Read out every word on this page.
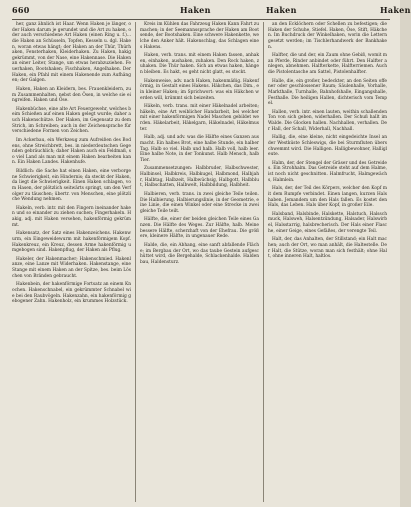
660	Haken	Haken	Haken

her, ganz ähnlich ist Haar. Wenn Haken je länger, oder Haken darum je gerundet und die Art zu haken, oder auch verschiedene Art Haken (einen Ring u. f.)... die Haken an Schüsseln, Topfen, Kesseln u. dgl. Haken, woran etwas hängt; der Haken an der Thür, Thürhaken, Fensterhaken, Kleiderhaken. Zu Haken, hakig gekrümmt, von der Nase, eine Hakennase. Die Haken an einer Leiter, Stange, um etwas herabzuziehen. Feuerhaken, Bootshaken; Fischhaken, Angelhaken. Der Haken, ein Pfahl mit einem Hakenende zum Aufhängen; der Galgen.

Haken, Haken an Kleidern, bes. Frauenkleidern, zum Zusammenhalten, nebst den Ösen, in welche sie eingreifen. Haken und Öse.

Hakenbüchse, eine alte Art Feuergewehr, welches beim Schießen auf einen Haken gelegt wurde; daher auch Hakenschütze. Der Haken, im Gegensatz zu dem Strich, im Schreiben; auch in der Zeichensprache für verschiedene Formen von Zeichen.

Im Ackerbau, ein Werkzeug zum Aufreißen des Bodens, ohne Streichbrett, bes. in niederdeutschen Gegenden gebräuchlich; daher Haken auch ein Feldmaß, so viel Land als man mit einem Haken bearbeiten kann. Ein Haken Landes. Hakenhufe.

Bildlich: die Sache hat einen Haken, eine verborgene Schwierigkeit, ein Hindernis; da steckt der Haken, da liegt die Schwierigkeit. Einen Haken schlagen, vom Hasen, der plötzlich seitwärts springt, um den Verfolger zu täuschen; übertr. von Menschen, eine plötzliche Wendung nehmen.

Hakeln, verb. intr. mit den Fingern ineinander haken und so einander zu ziehen suchen; Fingerhakeln. Hakig, adj. mit Haken versehen, hakenförmig gekrümmt.

Hakensatz, der Satz eines Hakenzeichens. Hakenwurm, ein Eingeweidewurm mit hakenförmigem Kopf. Hakenkreuz, ein Kreuz, dessen Arme hakenförmig umgebogen sind. Hakenpflug, der Haken als Pflug.

Hakeler, der Hakenmacher; Hakenschmied. Hakenlanze, eine Lanze mit Widerhaken. Hakenstange, eine Stange mit einem Haken an der Spitze, bes. beim Löschen von Bränden gebraucht.

Hakenbein, der hakenförmige Fortsatz an einem Knochen. Hakenschnabel, ein gekrümmter Schnabel wie bei den Raubvögeln. Hakenzahn, ein hakenförmig gebogener Zahn. Hakenholz, ein krummes Holzstück.

Kreis im Kühlen das Fahrzeug Haken Kann Fahrt zu machen; in der Seemannssprache der Haken am Bootsende, der Bootshaken. Eine schwere Hakenkette, welche den Anker hält. Hakenschlag, das Schlagen eines Hakens.

Haken, verb. trans. mit einem Haken fassen, anhaken, einhaken, aushaken, zuhaken. Den Rock haken, zuhaken. Die Thür haken. Sich an etwas haken, hängen bleiben. Es hakt, es geht nicht glatt, es stockt.

Hakenweise, adv. nach Haken, hakenmäßig. Hakenförmig, in Gestalt eines Hakens. Häkchen, das Dim., ein kleiner Haken; im Sprichwort: was ein Häkchen werden will, krümmt sich beizeiten.

Häkeln, verb. trans. mit einer Häkelnadel arbeiten; häkeln, eine Art weiblicher Handarbeit, bei welcher mit einer hakenförmigen Nadel Maschen gebildet werden. Häkelarbeit, Häkelgarn, Häkelnadel, Häkelmuster.

Halb, adj. und adv. was die Hälfte eines Ganzen ausmacht. Ein halbes Brot, eine halbe Stunde, ein halber Tag. Halb so viel. Halb und halb. Halb voll, halb leer. Eine halbe Note, in der Tonkunst. Halb Mensch, halb Tier.

Zusammensetzungen: Halbbruder, Halbschwester, Halbinsel, Halbkreis, Halbkugel, Halbmond, Halbjahr, Halbtag, Halbzeit, Halbwüchsig, Halbgott, Halbblut, Halbschatten, Halbwelt, Halbbildung, Halbheit.

Halbieren, verb. trans. in zwei gleiche Teile teilen. Die Halbierung. Halbierungslinie, in der Geometrie, eine Linie, die einen Winkel oder eine Strecke in zwei gleiche Teile teilt.

Hälfte, die, einer der beiden gleichen Teile eines Ganzen. Die Hälfte des Weges. Zur Hälfte, halb. Meine bessere Hälfte, scherzhaft von der Ehefrau. Die größere, kleinere Hälfte, in ungenauer Rede.

Halde, die, ein Abhang, eine sanft abfallende Fläche; im Bergbau der Ort, wo das taube Gestein aufgeschüttet wird, die Bergehalde, Schlackenhalde. Haldenbau, Haldensturz.

an den Ecklöchern oder Schellen zu befestigen; die Haken der Schuhe, Stiefel. Haken, Öse, Stift, Häkchen. Im Buchdruck der Winkelhaken, worin die Lettern gesetzt werden; im Tischlerhandwerk der Bankhaken.

Halfter, die und der, ein Zaum ohne Gebiß, womit man Pferde, Rinder anbindet oder führt. Den Halfter anlegen, abnehmen. Halfterkette, Halfterriemen. Auch die Pistolentasche am Sattel, Pistolenhalfter.

Halle, die, ein großer, bedeckter, an den Seiten offener oder geschlossener Raum; Säulenhalle, Vorhalle, Markthalle, Turnhalle, Bahnhofshalle, Eingangshalle, Festhalle. Die heiligen Hallen, dichterisch vom Tempel.

Hallen, verb. intr. einen lauten, weithin schallenden Ton von sich geben, widerhallen. Der Schuß hallt im Walde. Die Glocken hallen. Nachhallen, verhallen. Der Hall, der Schall, Widerhall, Nachhall.

Hallig, die, eine kleine, nicht eingedeichte Insel an der Westküste Schleswigs, die bei Sturmfluten überschwemmt wird. Die Halligen. Halligbewohner, Halligleute.

Halm, der, der Stengel der Gräser und des Getreides. Ein Strohhalm. Das Getreide steht auf dem Halme, ist noch nicht geschnitten. Halmfrucht, Halmgewächs, Halmlein.

Hals, der, der Teil des Körpers, welcher den Kopf mit dem Rumpfe verbindet. Einen langen, kurzen Hals haben. Jemandem um den Hals fallen. Es kostet den Hals, das Leben. Hals über Kopf, in großer Eile.

Halsband, Halsbinde, Halskette, Halstuch, Halsschmuck, Halsweh, Halsentzündung, Halsader, Halswirbel, Halsstarrig, halsbrecherisch. Der Hals einer Flasche, einer Geige, eines Gefäßes, der verengte Teil.

Halt, der, das Anhalten, der Stillstand; ein Halt machen; auch der Ort, wo man anhält, die Haltestelle. Der Halt, die Stütze, woran man sich festhält; ohne Halt, ohne inneren Halt, haltlos.
